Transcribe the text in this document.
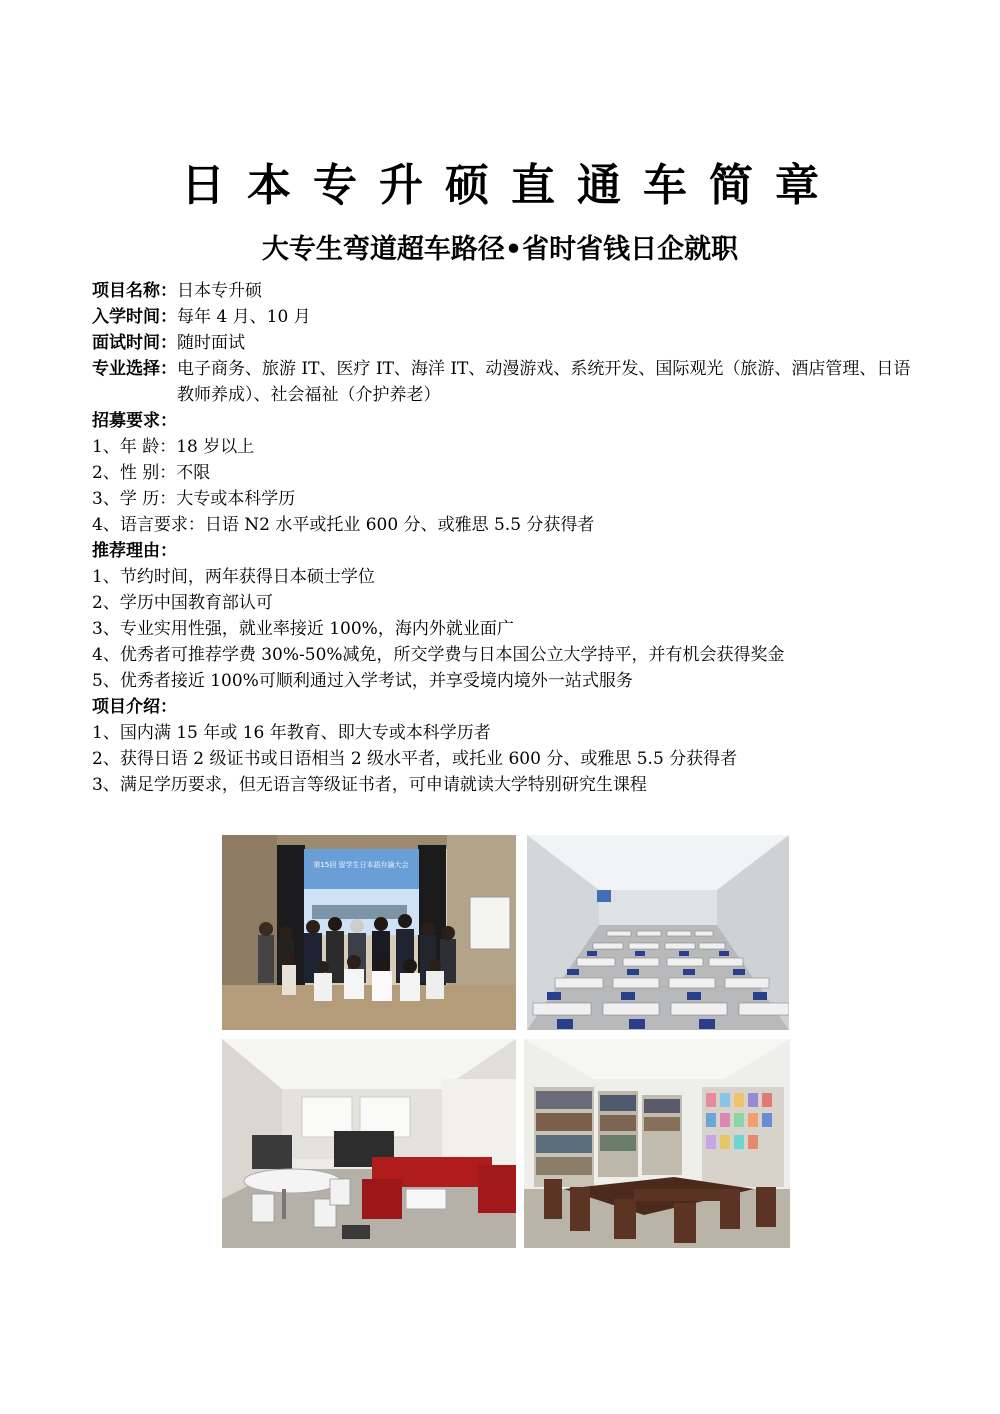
日本专升硕直通车简章
大专生弯道超车路径•省时省钱日企就职
项目名称： 日本专升硕
入学时间： 每年 4 月、10 月
面试时间： 随时面试
专业选择： 电子商务、旅游 IT、医疗 IT、海洋 IT、动漫游戏、系统开发、国际观光（旅游、酒店管理、日语教师养成）、社会福祉（介护养老）
招募要求：
1、年 龄：18 岁以上
2、性 别：不限
3、学 历：大专或本科学历
4、语言要求：日语 N2 水平或托业 600 分、或雅思 5.5 分获得者
推荐理由：
1、节约时间，两年获得日本硕士学位
2、学历中国教育部认可
3、专业实用性强，就业率接近 100%，海内外就业面广
4、优秀者可推荐学费 30%-50%减免，所交学费与日本国公立大学持平，并有机会获得奖金
5、优秀者接近 100%可顺利通过入学考试，并享受境内境外一站式服务
项目介绍：
1、国内满 15 年或 16 年教育、即大专或本科学历者
2、获得日语 2 级证书或日语相当 2 级水平者，或托业 600 分、或雅思 5.5 分获得者
3、满足学历要求，但无语言等级证书者，可申请就读大学特别研究生课程
第15回 留学生日本語弁論大会
